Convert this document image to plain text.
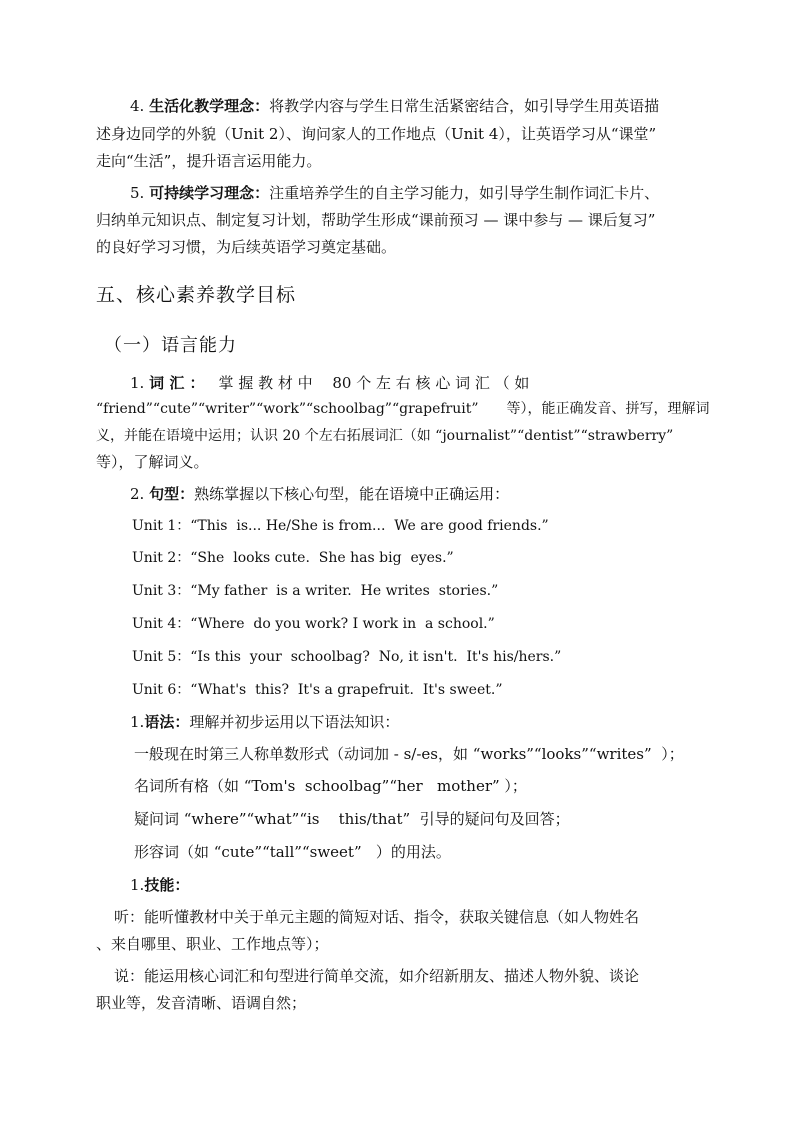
4. 生活化教学理念：将教学内容与学生日常生活紧密结合，如引导学生用英语描
述身边同学的外貌（Unit 2）、询问家人的工作地点（Unit 4），让英语学习从“课堂”
走向“生活”，提升语言运用能力。
5. 可持续学习理念：注重培养学生的自主学习能力，如引导学生制作词汇卡片、
归纳单元知识点、制定复习计划，帮助学生形成“课前预习 — 课中参与 — 课后复习”
的良好学习习惯，为后续英语学习奠定基础。
五、核心素养教学目标
（一）语言能力
1. 词 汇 ： 掌 握 教 材 中 　80 个 左 右 核 心 词 汇 （ 如
“friend”“cute”“writer”“work”“schoolbag”“grapefruit”　　等），能正确发音、拼写，理解词
义，并能在语境中运用；认识 20 个左右拓展词汇（如 “journalist”“dentist”“strawberry”
等），了解词义。
2. 句型：熟练掌握以下核心句型，能在语境中正确运用：
Unit 1：“This  is... He/She is from...  We are good friends.”
Unit 2：“She  looks cute.  She has big  eyes.”
Unit 3：“My father  is a writer.  He writes  stories.”
Unit 4：“Where  do you work? I work in  a school.”
Unit 5：“Is this  your  schoolbag?  No, it isn't.  It's his/hers.”
Unit 6：“What's  this?  It's a grapefruit.  It's sweet.”
1.语法：理解并初步运用以下语法知识：
一般现在时第三人称单数形式（动词加 - s/-es，如 “works”“looks”“writes”  ）；
名词所有格（如 “Tom's  schoolbag”“her   mother” ）；
疑问词 “where”“what”“is    this/that”  引导的疑问句及回答；
形容词（如 “cute”“tall”“sweet”   ）的用法。
1.技能：
听：能听懂教材中关于单元主题的简短对话、指令，获取关键信息（如人物姓名
、来自哪里、职业、工作地点等）；
说：能运用核心词汇和句型进行简单交流，如介绍新朋友、描述人物外貌、谈论
职业等，发音清晰、语调自然；
